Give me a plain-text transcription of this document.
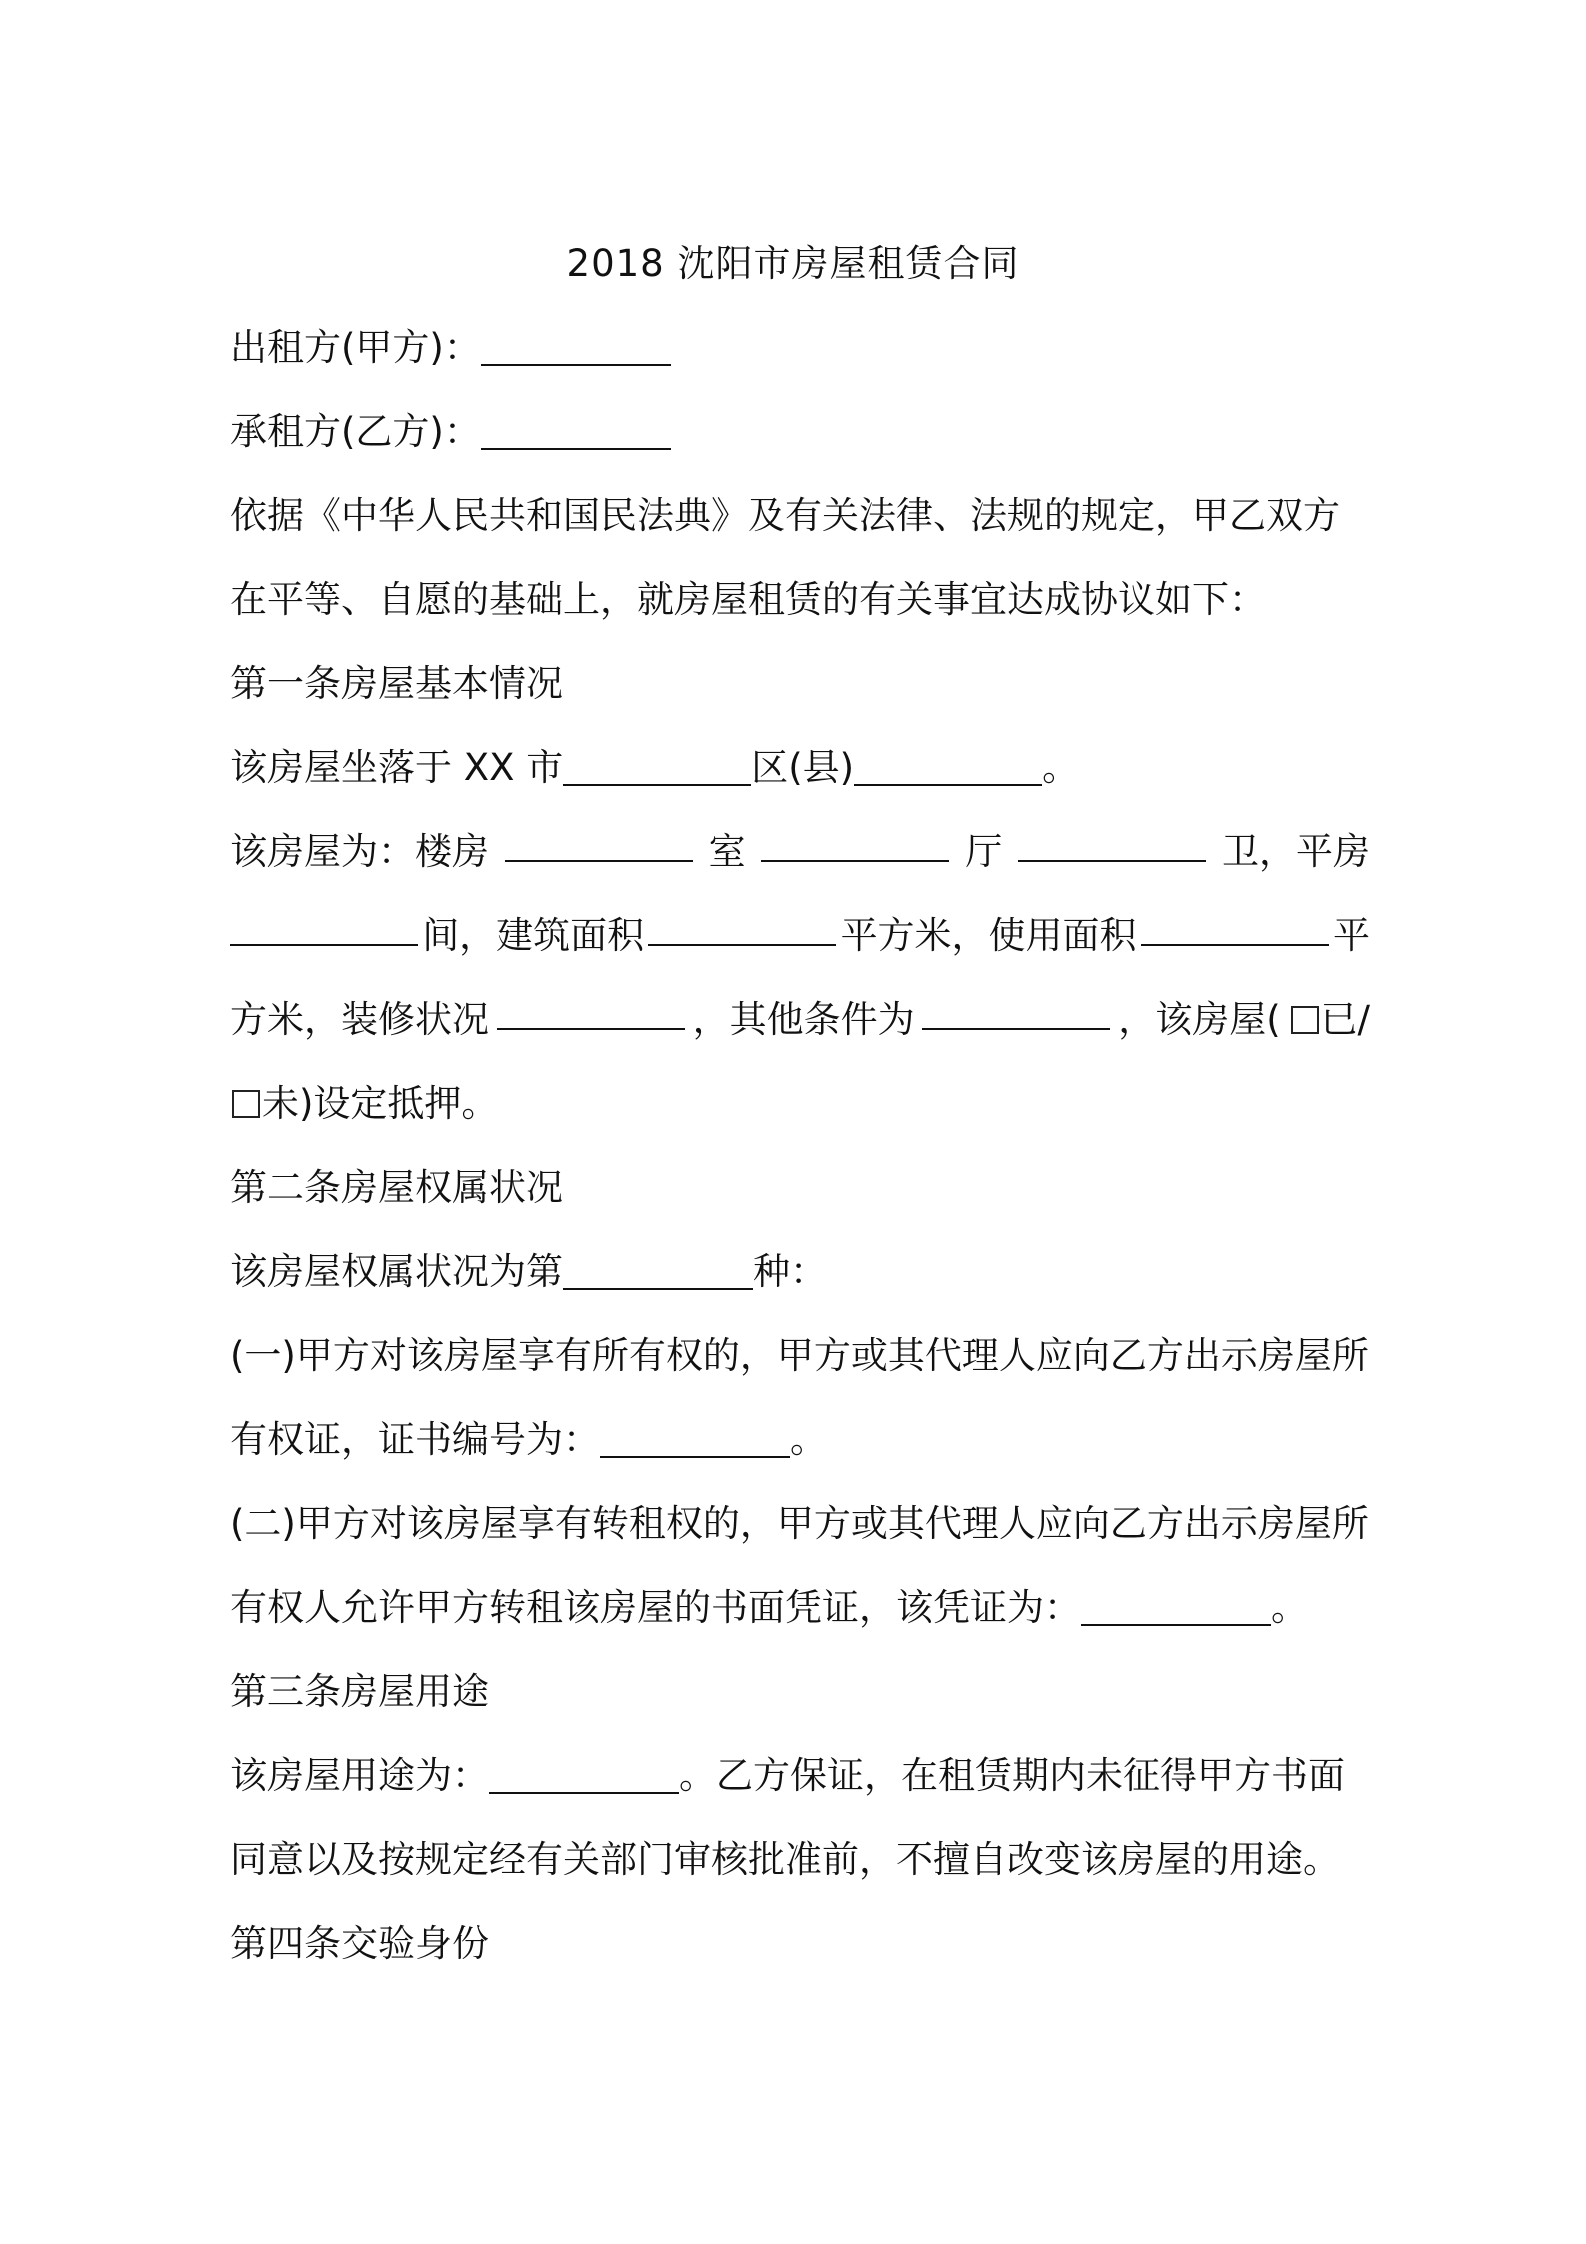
2018 沈阳市房屋租赁合同
出租方(甲方)：
承租方(乙方)：
依据《中华人民共和国民法典》及有关法律、法规的规定，甲乙双方
在平等、自愿的基础上，就房屋租赁的有关事宜达成协议如下：
第一条房屋基本情况
该房屋坐落于 XX 市	区(县)	。
该房屋为：楼房	室	厅	卫，平房
间，建筑面积	平方米，使用面积	平
方米，装修状况	，其他条件为	，该房屋(	已/
未)设定抵押。
第二条房屋权属状况
该房屋权属状况为第	种：
(一)甲方对该房屋享有所有权的，甲方或其代理人应向乙方出示房屋所
有权证，证书编号为：	。
(二)甲方对该房屋享有转租权的，甲方或其代理人应向乙方出示房屋所
有权人允许甲方转租该房屋的书面凭证，该凭证为：	。
第三条房屋用途
该房屋用途为：	。乙方保证，在租赁期内未征得甲方书面
同意以及按规定经有关部门审核批准前，不擅自改变该房屋的用途。
第四条交验身份
